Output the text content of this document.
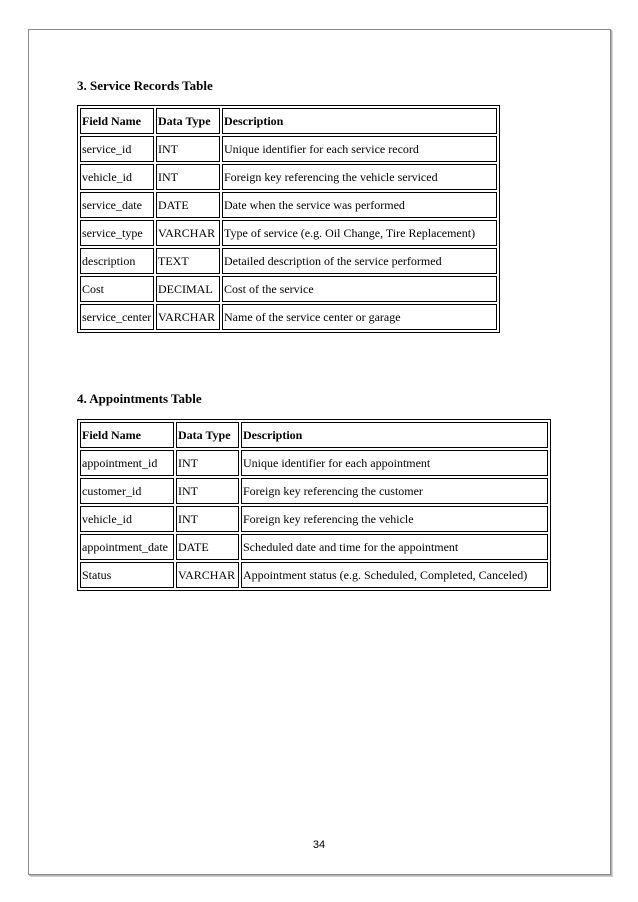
3. Service Records Table
Field Name	Data Type	Description
service_id	INT	Unique identifier for each service record
vehicle_id	INT	Foreign key referencing the vehicle serviced
service_date	DATE	Date when the service was performed
service_type	VARCHAR	Type of service (e.g. Oil Change, Tire Replacement)
description	TEXT	Detailed description of the service performed
Cost	DECIMAL	Cost of the service
service_center	VARCHAR	Name of the service center or garage
4. Appointments Table
Field Name	Data Type	Description
appointment_id	INT	Unique identifier for each appointment
customer_id	INT	Foreign key referencing the customer
vehicle_id	INT	Foreign key referencing the vehicle
appointment_date	DATE	Scheduled date and time for the appointment
Status	VARCHAR	Appointment status (e.g. Scheduled, Completed, Canceled)
34
